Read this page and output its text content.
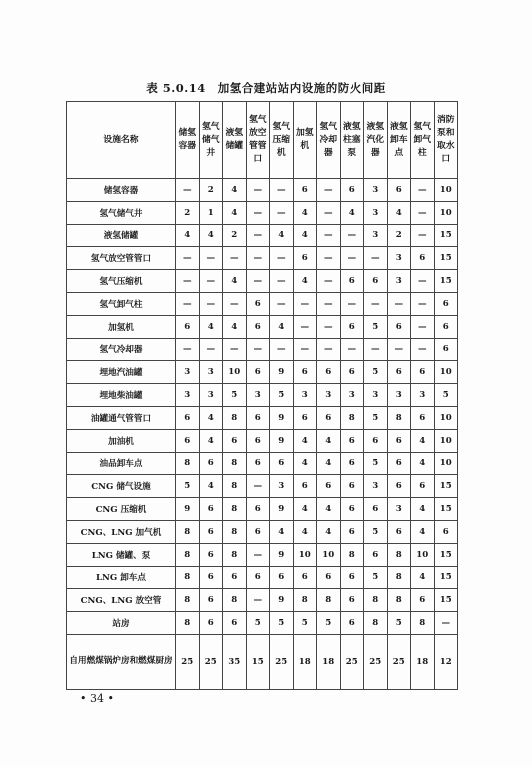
表 5.0.14　加氢合建站站内设施的防火间距
设施名称	储氢容器	氢气储气井	液氢储罐	氢气放空管管口	氢气压缩机	加氢机	氢气冷却器	液氢柱塞泵	液氢汽化器	液氢卸车点	氢气卸气柱	消防泵和取水口
储氢容器	—	2	4	—	—	6	—	6	3	6	—	10
氢气储气井	2	1	4	—	—	4	—	4	3	4	—	10
液氢储罐	4	4	2	—	4	4	—	—	3	2	—	15
氢气放空管管口	—	—	—	—	—	6	—	—	—	3	6	15
氢气压缩机	—	—	4	—	—	4	—	6	6	3	—	15
氢气卸气柱	—	—	—	6	—	—	—	—	—	—	—	6
加氢机	6	4	4	6	4	—	—	6	5	6	—	6
氢气冷却器	—	—	—	—	—	—	—	—	—	—	—	6
埋地汽油罐	3	3	10	6	9	6	6	6	5	6	6	10
埋地柴油罐	3	3	5	3	5	3	3	3	3	3	3	5
油罐通气管管口	6	4	8	6	9	6	6	8	5	8	6	10
加油机	6	4	6	6	9	4	4	6	6	6	4	10
油品卸车点	8	6	8	6	6	4	4	6	5	6	4	10
CNG 储气设施	5	4	8	—	3	6	6	6	3	6	6	15
CNG 压缩机	9	6	8	6	9	4	4	6	6	3	4	15
CNG、LNG 加气机	8	6	8	6	4	4	4	6	5	6	4	6
LNG 储罐、泵	8	6	8	—	9	10	10	8	6	8	10	15
LNG 卸车点	8	6	6	6	6	6	6	6	5	8	4	15
CNG、LNG 放空管	8	6	8	—	9	8	8	6	8	8	6	15
站房	8	6	6	5	5	5	5	6	8	5	8	—
自用燃煤锅炉房和燃煤厨房	25	25	35	15	25	18	18	25	25	25	18	12
• 34 •
